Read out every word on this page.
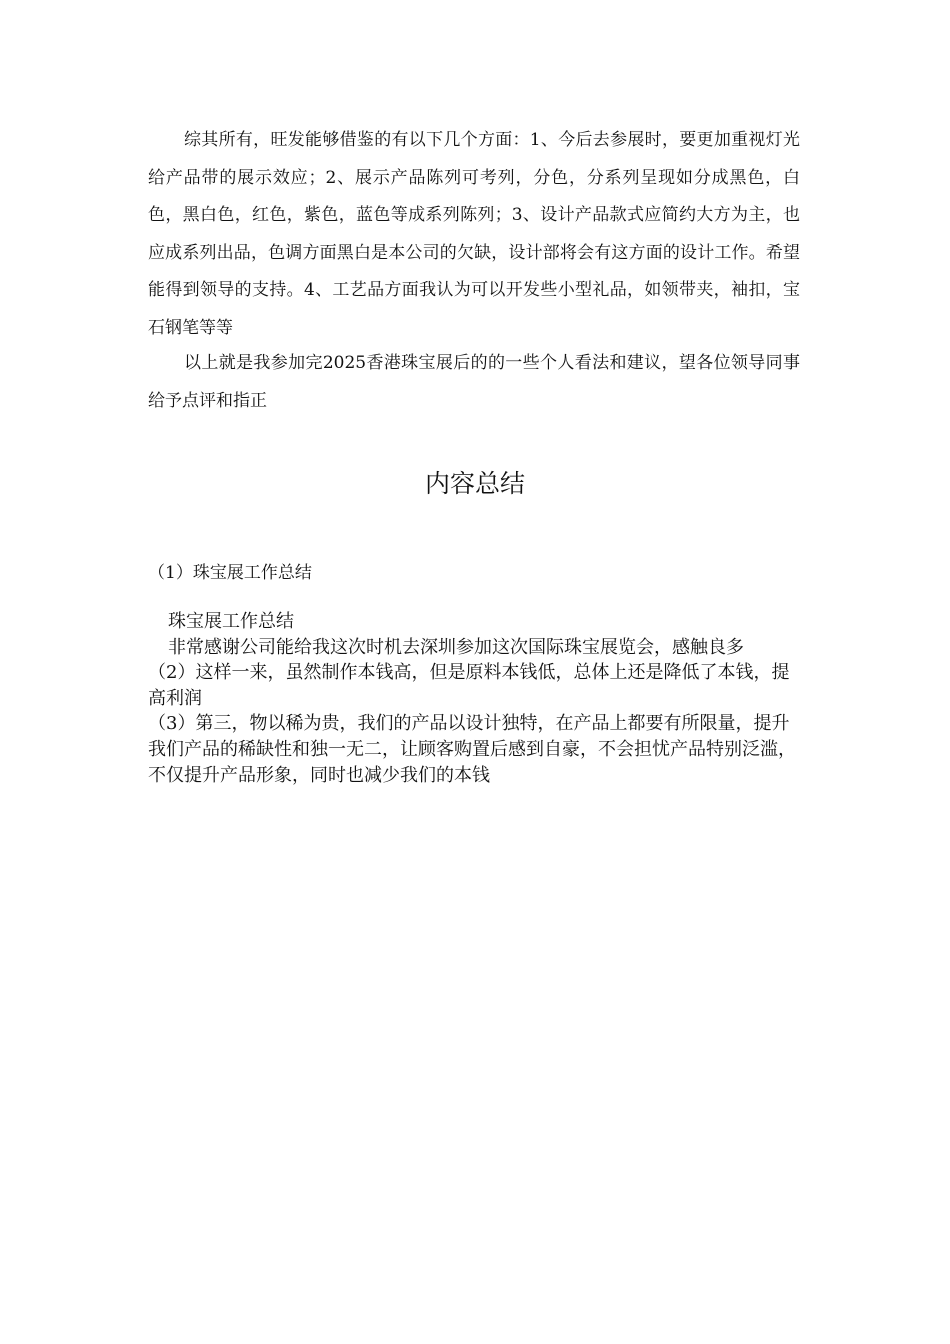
综其所有，旺发能够借鉴的有以下几个方面：1、今后去参展时，要更加重视灯光给产品带的展示效应；2、展示产品陈列可考列，分色，分系列呈现如分成黑色，白色，黑白色，红色，紫色，蓝色等成系列陈列；3、设计产品款式应简约大方为主，也应成系列出品，色调方面黑白是本公司的欠缺，设计部将会有这方面的设计工作。希望能得到领导的支持。4、工艺品方面我认为可以开发些小型礼品，如领带夹，袖扣，宝石钢笔等等

以上就是我参加完2025香港珠宝展后的的一些个人看法和建议，望各位领导同事给予点评和指正

内容总结
（1）珠宝展工作总结

珠宝展工作总结

非常感谢公司能给我这次时机去深圳参加这次国际珠宝展览会，感触良多

（2）这样一来，虽然制作本钱高，但是原料本钱低，总体上还是降低了本钱，提高利润

（3）第三，物以稀为贵，我们的产品以设计独特，在产品上都要有所限量，提升我们产品的稀缺性和独一无二，让顾客购置后感到自豪，不会担忧产品特别泛滥，不仅提升产品形象，同时也减少我们的本钱
